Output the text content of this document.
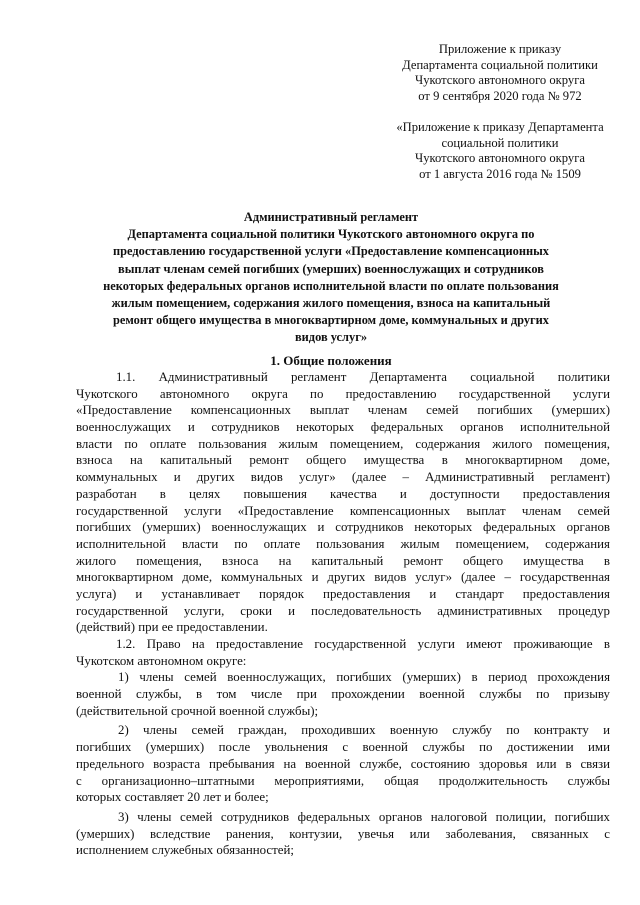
Приложение к приказу
Департамента социальной политики
Чукотского автономного округа
от 9 сентября 2020 года № 972
«Приложение к приказу Департамента
социальной политики
Чукотского автономного округа
от 1 августа 2016 года № 1509
Административный регламент
Департамента социальной политики Чукотского автономного округа по
предоставлению государственной услуги «Предоставление компенсационных
выплат членам семей погибших (умерших) военнослужащих и сотрудников
некоторых федеральных органов исполнительной власти по оплате пользования
жилым помещением, содержания жилого помещения, взноса на капитальный
ремонт общего имущества в многоквартирном доме, коммунальных и других
видов услуг»
1. Общие положения
1.1. Административный регламент Департамента социальной политики
Чукотского автономного округа по предоставлению государственной услуги
«Предоставление компенсационных выплат членам семей погибших (умерших)
военнослужащих и сотрудников некоторых федеральных органов исполнительной
власти по оплате пользования жилым помещением, содержания жилого помещения,
взноса на капитальный ремонт общего имущества в многоквартирном доме,
коммунальных и других видов услуг» (далее – Административный регламент)
разработан в целях повышения качества и доступности предоставления
государственной услуги «Предоставление компенсационных выплат членам семей
погибших (умерших) военнослужащих и сотрудников некоторых федеральных органов
исполнительной власти по оплате пользования жилым помещением, содержания
жилого помещения, взноса на капитальный ремонт общего имущества в
многоквартирном доме, коммунальных и других видов услуг» (далее – государственная
услуга) и устанавливает порядок предоставления и стандарт предоставления
государственной услуги, сроки и последовательность административных процедур
(действий) при ее предоставлении.
1.2. Право на предоставление государственной услуги имеют проживающие в
Чукотском автономном округе:
1) члены семей военнослужащих, погибших (умерших) в период прохождения
военной службы, в том числе при прохождении военной службы по призыву
(действительной срочной военной службы);
2) члены семей граждан, проходивших военную службу по контракту и
погибших (умерших) после увольнения с военной службы по достижении ими
предельного возраста пребывания на военной службе, состоянию здоровья или в связи
с организационно–штатными мероприятиями, общая продолжительность службы
которых составляет 20 лет и более;
3) члены семей сотрудников федеральных органов налоговой полиции, погибших
(умерших) вследствие ранения, контузии, увечья или заболевания, связанных с
исполнением служебных обязанностей;
